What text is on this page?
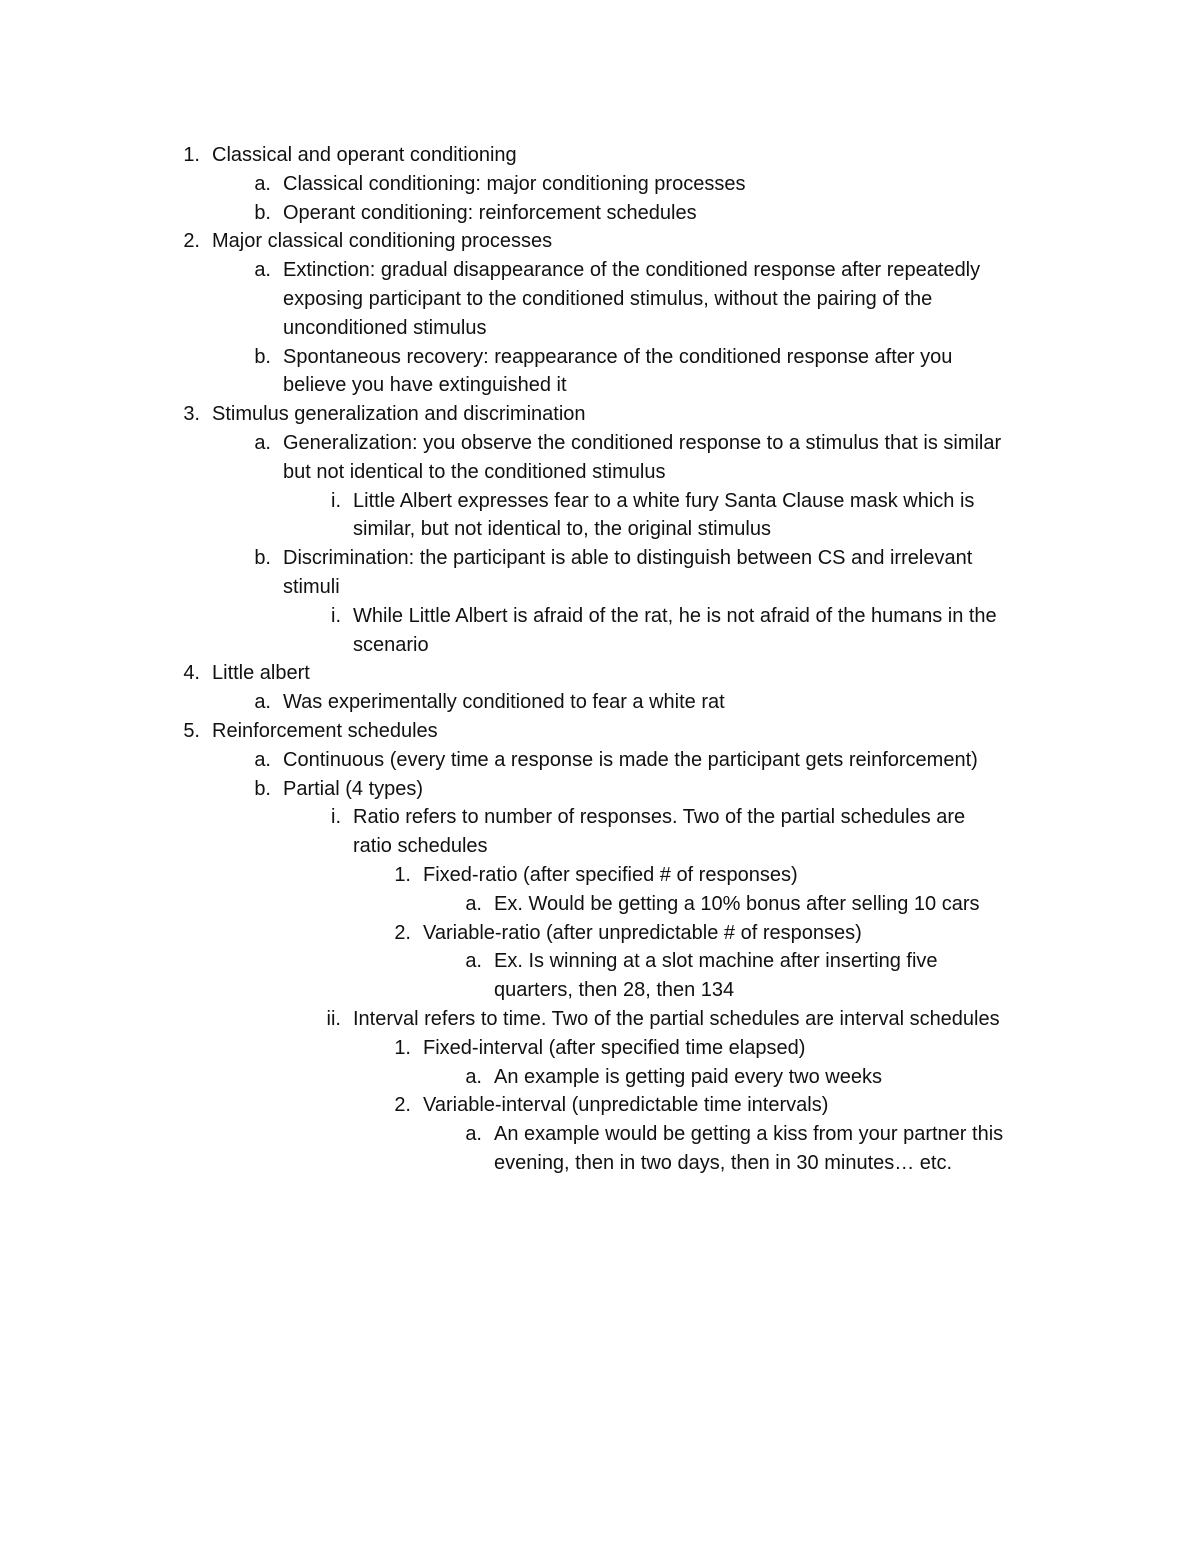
1. Classical and operant conditioning
a. Classical conditioning: major conditioning processes
b. Operant conditioning: reinforcement schedules
2. Major classical conditioning processes
a. Extinction: gradual disappearance of the conditioned response after repeatedly
exposing participant to the conditioned stimulus, without the pairing of the
unconditioned stimulus
b. Spontaneous recovery: reappearance of the conditioned response after you
believe you have extinguished it
3. Stimulus generalization and discrimination
a. Generalization: you observe the conditioned response to a stimulus that is similar
but not identical to the conditioned stimulus
i. Little Albert expresses fear to a white fury Santa Clause mask which is
similar, but not identical to, the original stimulus
b. Discrimination: the participant is able to distinguish between CS and irrelevant
stimuli
i. While Little Albert is afraid of the rat, he is not afraid of the humans in the
scenario
4. Little albert
a. Was experimentally conditioned to fear a white rat
5. Reinforcement schedules
a. Continuous (every time a response is made the participant gets reinforcement)
b. Partial (4 types)
i. Ratio refers to number of responses. Two of the partial schedules are
ratio schedules
1. Fixed-ratio (after specified # of responses)
a. Ex. Would be getting a 10% bonus after selling 10 cars
2. Variable-ratio (after unpredictable # of responses)
a. Ex. Is winning at a slot machine after inserting five
quarters, then 28, then 134
ii. Interval refers to time. Two of the partial schedules are interval schedules
1. Fixed-interval (after specified time elapsed)
a. An example is getting paid every two weeks
2. Variable-interval (unpredictable time intervals)
a. An example would be getting a kiss from your partner this
evening, then in two days, then in 30 minutes… etc.
